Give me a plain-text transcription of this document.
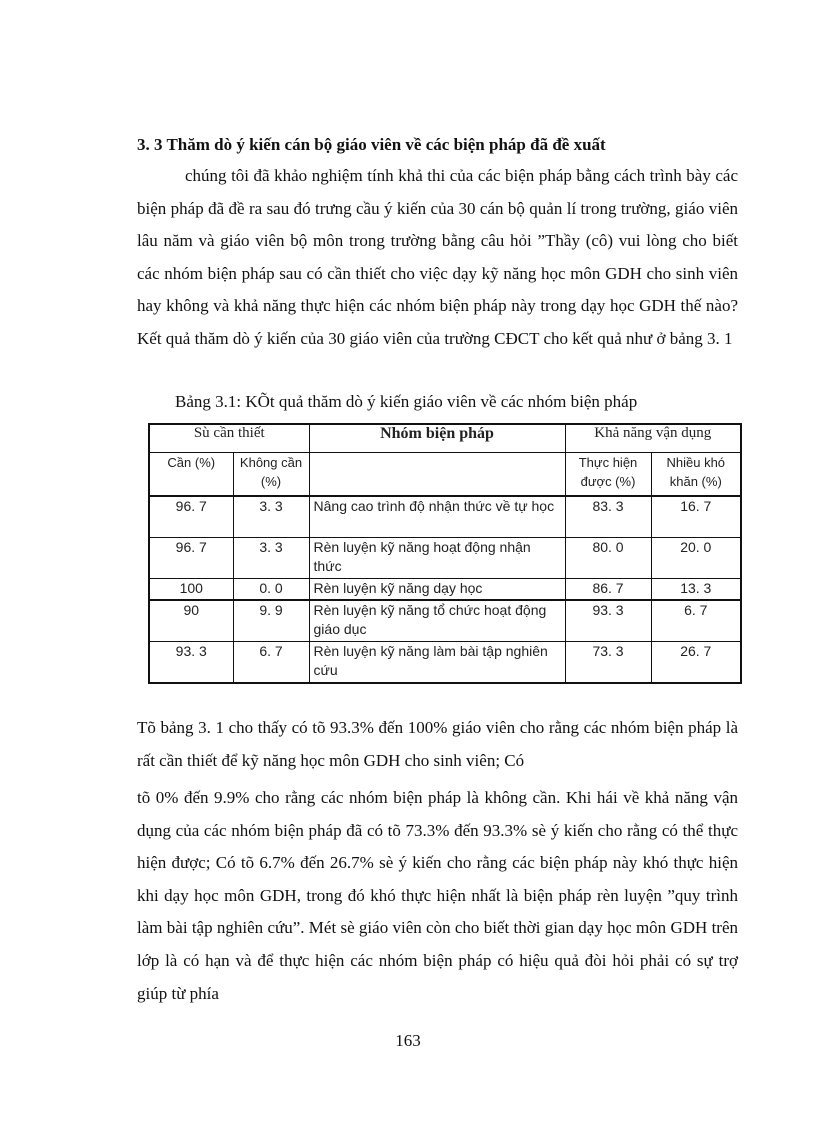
3. 3 Thăm dò ý kiến cán bộ giáo viên về các biện pháp đã đề xuất
chúng tôi đã khảo nghiệm tính khả thi của các biện pháp bằng cách trình bày các biện pháp đã đề ra sau đó trưng cầu ý kiến của 30 cán bộ quản lí trong trường, giáo viên lâu năm và giáo viên bộ môn trong trường bằng câu hỏi ”Thầy (cô) vui lòng cho biết các nhóm biện pháp sau có cần thiết cho việc dạy kỹ năng học môn GDH cho sinh viên hay không và khả năng thực hiện các nhóm biện pháp này trong dạy học GDH thế nào? Kết quả thăm dò ý kiến của 30 giáo viên của trường CĐCT cho kết quả như ở bảng 3. 1
Bảng 3.1: KÕt quả thăm dò ý kiến giáo viên về các nhóm biện pháp
Sù cần thiết		Nhóm biện pháp	Khả năng vận dụng	
Cần (%)	Không cần (%)		Thực hiện được (%)	Nhiều khó khăn (%)
96. 7	3. 3	Nâng cao trình độ nhận thức về tự học	83. 3	16. 7
96. 7	3. 3	Rèn luyện kỹ năng hoạt động nhận thức	80. 0	20. 0
100	0. 0	Rèn luyện kỹ năng dạy học	86. 7	13. 3
90	9. 9	Rèn luyện kỹ năng tổ chức hoạt động giáo dục	93. 3	6. 7
93. 3	6. 7	Rèn luyện kỹ năng làm bài tập nghiên cứu	73. 3	26. 7
Tõ bảng 3. 1 cho thấy có tõ 93.3% đến 100% giáo viên cho rằng các nhóm biện pháp là rất cần thiết để kỹ năng học môn GDH cho sinh viên; Có
tõ 0% đến 9.9% cho rằng các nhóm biện pháp là không cần. Khi hái về khả năng vận dụng của các nhóm biện pháp đã có tõ 73.3% đến 93.3% sè ý kiến cho rằng có thể thực hiện được; Có tõ 6.7% đến 26.7% sè ý kiến cho rằng các biện pháp này khó thực hiện khi dạy học môn GDH, trong đó khó thực hiện nhất là biện pháp rèn luyện ”quy trình làm bài tập nghiên cứu”. Mét sè giáo viên còn cho biết thời gian dạy học môn GDH trên lớp là có hạn và để thực hiện các nhóm biện pháp có hiệu quả đòi hỏi phải có sự trợ giúp từ phía
163
